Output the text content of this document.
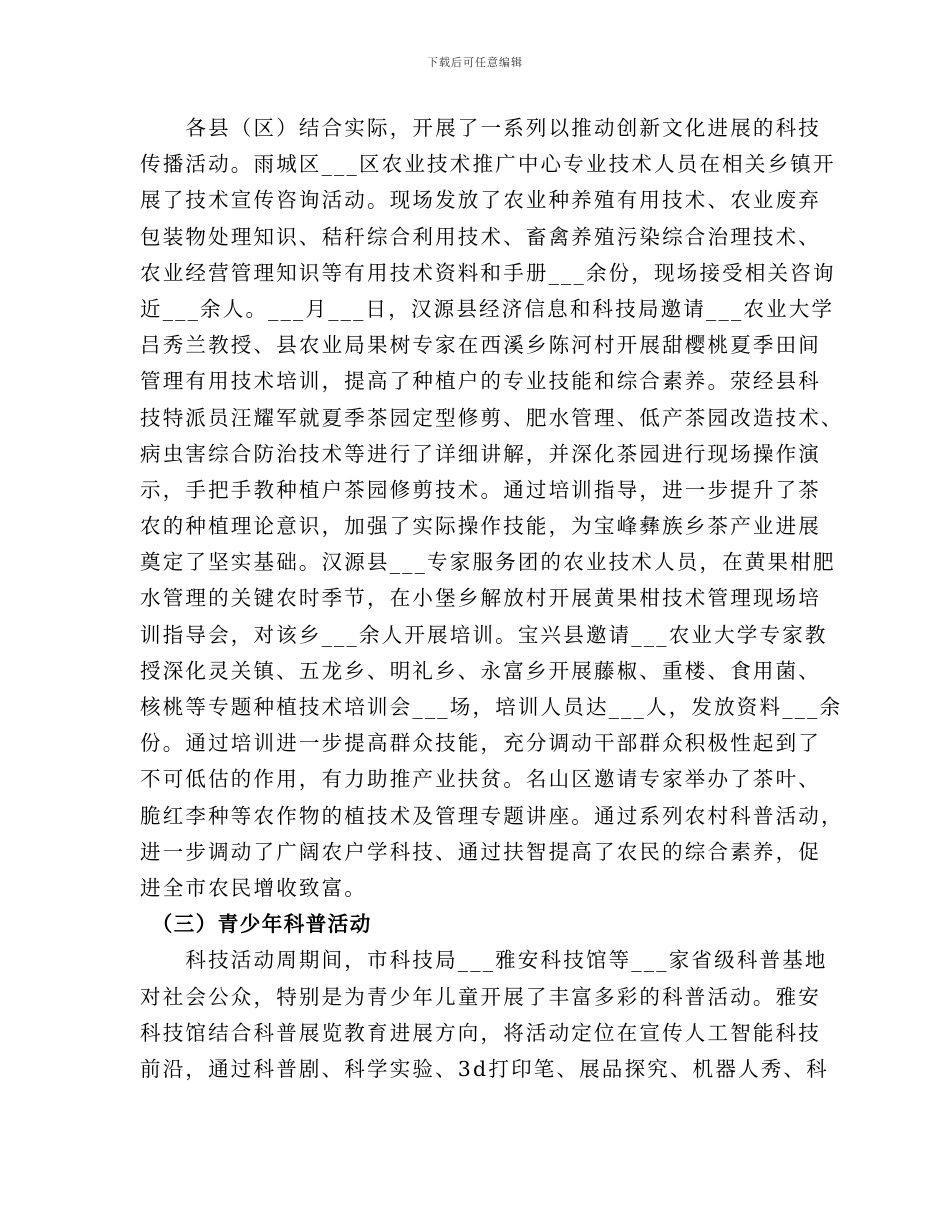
下载后可任意编辑
　　各县（区）结合实际，开展了一系列以推动创新文化进展的科技
传播活动。雨城区___区农业技术推广中心专业技术人员在相关乡镇开
展了技术宣传咨询活动。现场发放了农业种养殖有用技术、农业废弃
包装物处理知识、秸秆综合利用技术、畜禽养殖污染综合治理技术、
农业经营管理知识等有用技术资料和手册___余份，现场接受相关咨询
近___余人。___月___日，汉源县经济信息和科技局邀请___农业大学
吕秀兰教授、县农业局果树专家在西溪乡陈河村开展甜樱桃夏季田间
管理有用技术培训，提高了种植户的专业技能和综合素养。荥经县科
技特派员汪耀军就夏季茶园定型修剪、肥水管理、低产茶园改造技术、
病虫害综合防治技术等进行了详细讲解，并深化茶园进行现场操作演
示，手把手教种植户茶园修剪技术。通过培训指导，进一步提升了茶
农的种植理论意识，加强了实际操作技能，为宝峰彝族乡茶产业进展
奠定了坚实基础。汉源县___专家服务团的农业技术人员，在黄果柑肥
水管理的关键农时季节，在小堡乡解放村开展黄果柑技术管理现场培
训指导会，对该乡___余人开展培训。宝兴县邀请___农业大学专家教
授深化灵关镇、五龙乡、明礼乡、永富乡开展藤椒、重楼、食用菌、
核桃等专题种植技术培训会___场，培训人员达___人，发放资料___余
份。通过培训进一步提高群众技能，充分调动干部群众积极性起到了
不可低估的作用，有力助推产业扶贫。名山区邀请专家举办了茶叶、
脆红李种等农作物的植技术及管理专题讲座。通过系列农村科普活动，
进一步调动了广阔农户学科技、通过扶智提高了农民的综合素养，促
进全市农民增收致富。
　（三）青少年科普活动
　　科技活动周期间，市科技局___雅安科技馆等___家省级科普基地
对社会公众，特别是为青少年儿童开展了丰富多彩的科普活动。雅安
科技馆结合科普展览教育进展方向，将活动定位在宣传人工智能科技
前沿，通过科普剧、科学实验、3d打印笔、展品探究、机器人秀、科
